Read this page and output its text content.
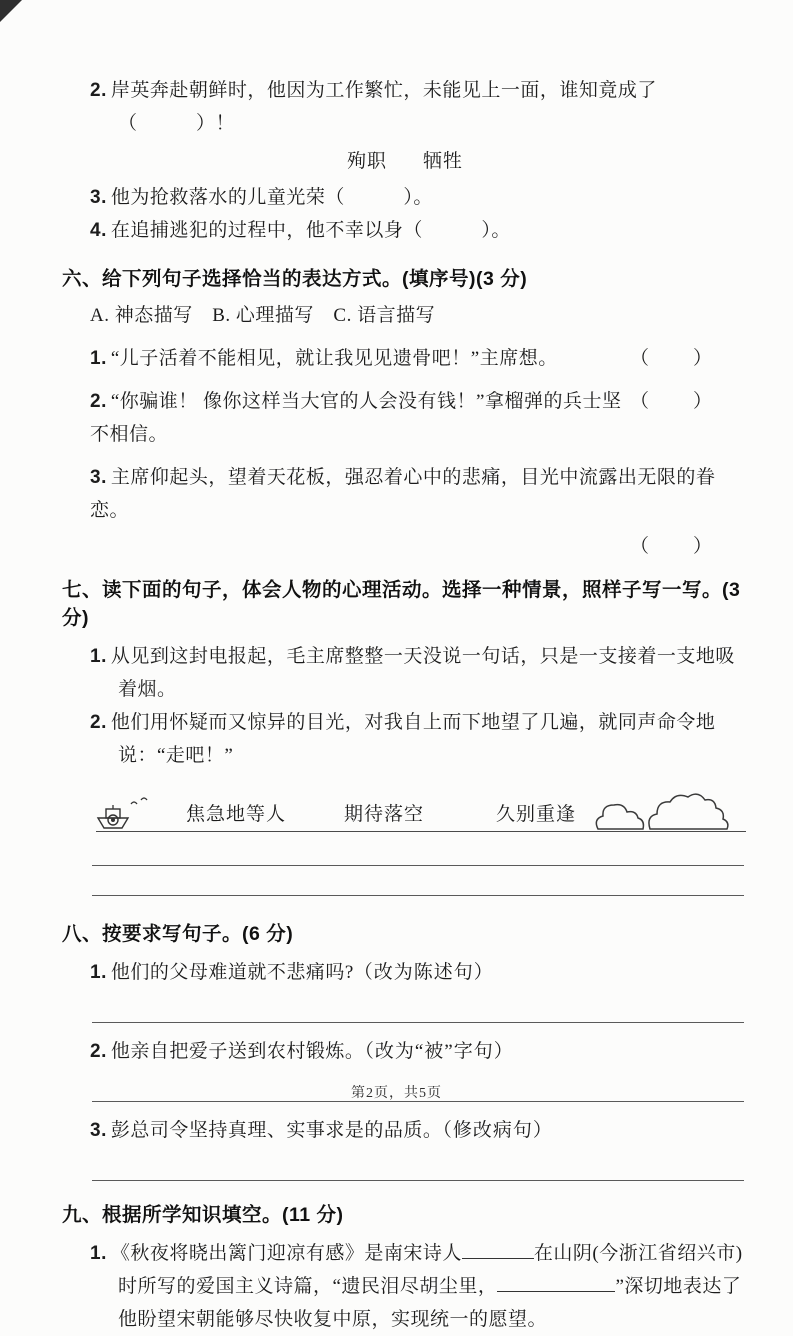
2. 岸英奔赴朝鲜时，他因为工作繁忙，未能见上一面，谁知竟成了（　　　）！

殉职 牺牲

3. 他为抢救落水的儿童光荣（　　　）。

4. 在追捕逃犯的过程中，他不幸以身（　　　）。

六、给下列句子选择恰当的表达方式。(填序号)(3 分)

A. 神态描写　B. 心理描写　C. 语言描写

1. “儿子活着不能相见，就让我见见遗骨吧！”主席想。	（　　）
2. “你骗谁！ 像你这样当大官的人会没有钱！”拿榴弹的兵士坚不相信。
（　　）

3. 主席仰起头，望着天花板，强忍着心中的悲痛，目光中流露出无限的眷恋。

（　　）
七、读下面的句子，体会人物的心理活动。选择一种情景，照样子写一写。(3 分)

1. 从见到这封电报起，毛主席整整一天没说一句话，只是一支接着一支地吸着烟。

2. 他们用怀疑而又惊异的目光，对我自上而下地望了几遍，就同声命令地说：“走吧！”

焦急地等人	期待落空	久别重逢
八、按要求写句子。(6 分)

1. 他们的父母难道就不悲痛吗?（改为陈述句）

2. 他亲自把爱子送到农村锻炼。（改为“被”字句）

3. 彭总司令坚持真理、实事求是的品质。（修改病句）

九、根据所学知识填空。(11 分)

1. 《秋夜将晓出篱门迎凉有感》是南宋诗人	在山阴(今浙江省绍兴市)时所写的爱国主义诗篇，“遗民泪尽胡尘里，	”深切地表达了他盼望宋朝能够尽快收复中原，实现统一的愿望。

第2页，共5页
